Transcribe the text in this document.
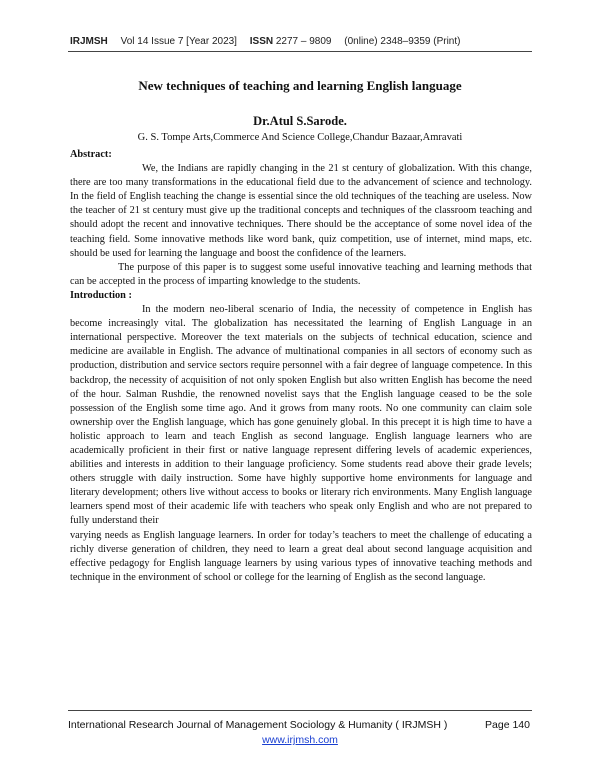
IRJMSH Vol 14 Issue 7 [Year 2023] ISSN 2277 – 9809 (0nline) 2348–9359 (Print)
New techniques of teaching and learning English language
Dr.Atul S.Sarode.
G. S. Tompe Arts,Commerce And Science College,Chandur Bazaar,Amravati
Abstract:
We, the Indians are rapidly changing in the 21 st century of globalization. With this change, there are too many transformations in the educational field due to the advancement of science and technology. In the field of English teaching the change is essential since the old techniques of the teaching are useless. Now the teacher of 21 st century must give up the traditional concepts and techniques of the classroom teaching and should adopt the recent and innovative techniques. There should be the acceptance of some novel idea of the teaching field. Some innovative methods like word bank, quiz competition, use of internet, mind maps, etc. should be used for learning the language and boost the confidence of the learners.
The purpose of this paper is to suggest some useful innovative teaching and learning methods that can be accepted in the process of imparting knowledge to the students.
Introduction :
In the modern neo-liberal scenario of India, the necessity of competence in English has become increasingly vital. The globalization has necessitated the learning of English Language in an international perspective. Moreover the text materials on the subjects of technical education, science and medicine are available in English. The advance of multinational companies in all sectors of economy such as production, distribution and service sectors require personnel with a fair degree of language competence. In this backdrop, the necessity of acquisition of not only spoken English but also written English has become the need of the hour. Salman Rushdie, the renowned novelist says that the English language ceased to be the sole possession of the English some time ago. And it grows from many roots. No one community can claim sole ownership over the English language, which has gone genuinely global. In this precept it is high time to have a holistic approach to learn and teach English as second language. English language learners who are academically proficient in their first or native language represent differing levels of academic experiences, abilities and interests in addition to their language proficiency. Some students read above their grade levels; others struggle with daily instruction. Some have highly supportive home environments for language and literary development; others live without access to books or literary rich environments. Many English language learners spend most of their academic life with teachers who speak only English and who are not prepared to fully understand their
varying needs as English language learners. In order for today’s teachers to meet the challenge of educating a richly diverse generation of children, they need to learn a great deal about second language acquisition and effective pedagogy for English language learners by using various types of innovative teaching methods and technique in the environment of school or college for the learning of English as the second language.
International Research Journal of Management Sociology & Humanity ( IRJMSH )	Page 140
www.irjmsh.com
